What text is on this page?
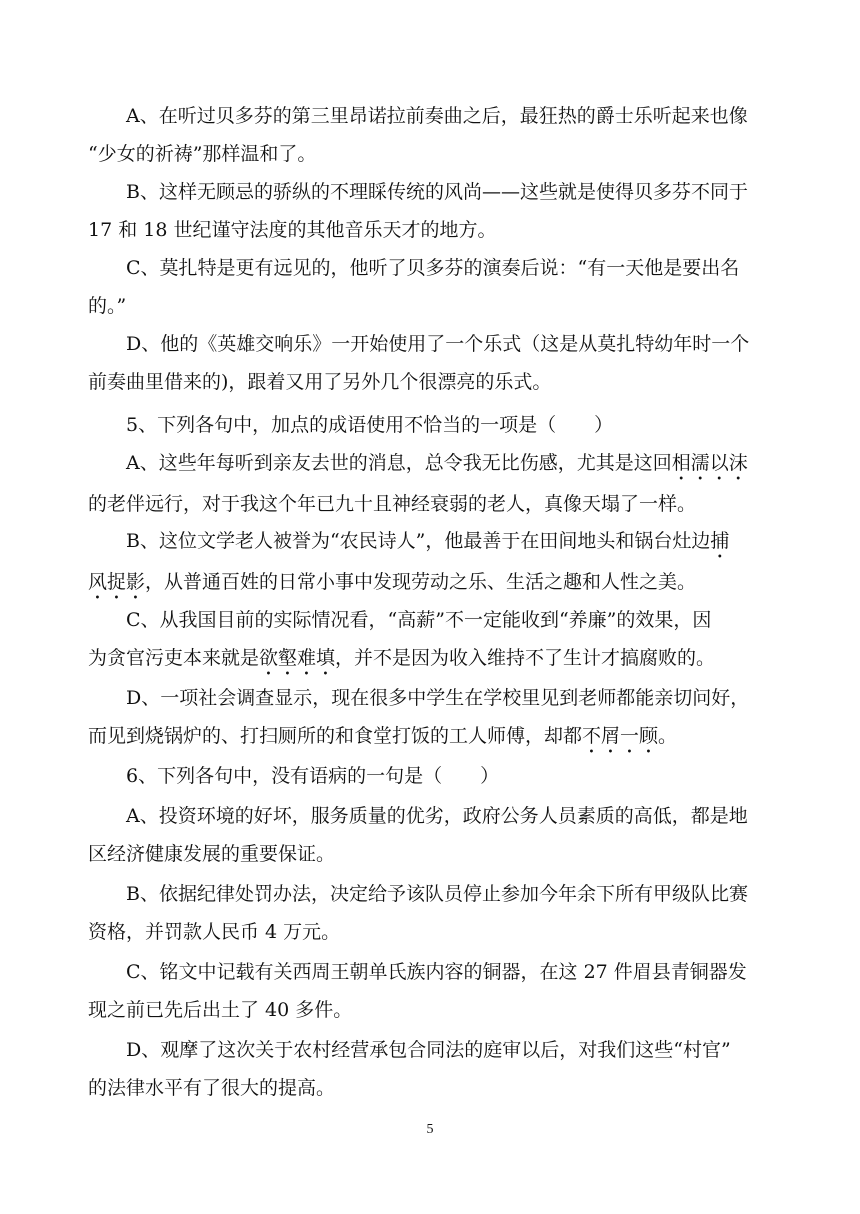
A、在听过贝多芬的第三里昂诺拉前奏曲之后，最狂热的爵士乐听起来也像
“少女的祈祷”那样温和了。

B、这样无顾忌的骄纵的不理睬传统的风尚——这些就是使得贝多芬不同于
17 和 18 世纪谨守法度的其他音乐天才的地方。

C、莫扎特是更有远见的，他听了贝多芬的演奏后说：“有一天他是要出名
的。”

D、他的《英雄交响乐》一开始使用了一个乐式（这是从莫扎特幼年时一个
前奏曲里借来的)，跟着又用了另外几个很漂亮的乐式。

5、下列各句中，加点的成语使用不恰当的一项是（　　）

A、这些年每听到亲友去世的消息，总令我无比伤感，尤其是这回相濡以沫
的老伴远行，对于我这个年已九十且神经衰弱的老人，真像天塌了一样。

B、这位文学老人被誉为“农民诗人”，他最善于在田间地头和锅台灶边捕
风捉影，从普通百姓的日常小事中发现劳动之乐、生活之趣和人性之美。

C、从我国目前的实际情况看，“高薪”不一定能收到“养廉”的效果，因
为贪官污吏本来就是欲壑难填，并不是因为收入维持不了生计才搞腐败的。

D、一项社会调查显示，现在很多中学生在学校里见到老师都能亲切问好，
而见到烧锅炉的、打扫厕所的和食堂打饭的工人师傅，却都不屑一顾。

6、下列各句中，没有语病的一句是（　　）

A、投资环境的好坏，服务质量的优劣，政府公务人员素质的高低，都是地
区经济健康发展的重要保证。

B、依据纪律处罚办法，决定给予该队员停止参加今年余下所有甲级队比赛
资格，并罚款人民币 4 万元。

C、铭文中记载有关西周王朝单氏族内容的铜器，在这 27 件眉县青铜器发
现之前已先后出土了 40 多件。

D、观摩了这次关于农村经营承包合同法的庭审以后，对我们这些“村官”
的法律水平有了很大的提高。

5
